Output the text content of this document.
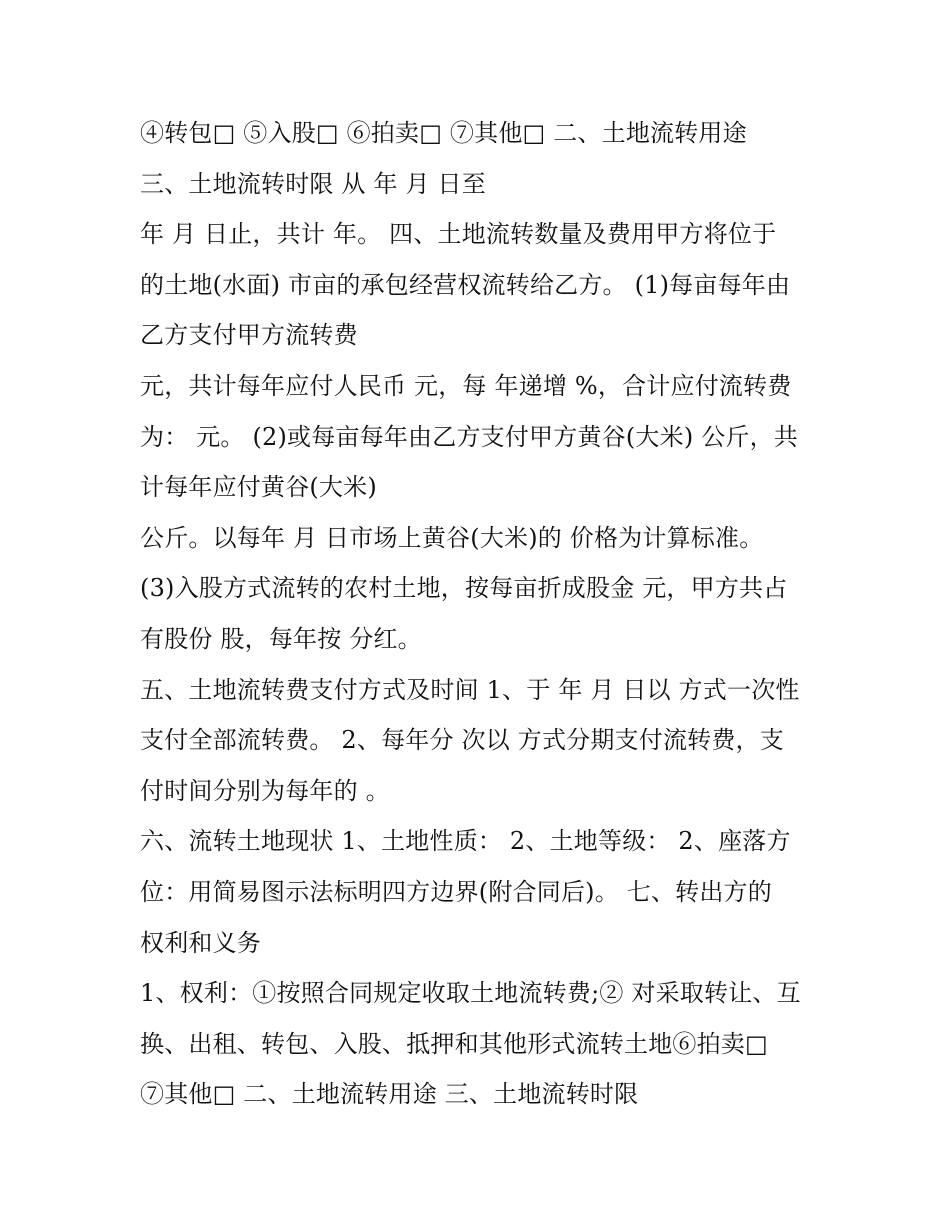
④转包□ ⑤入股□ ⑥拍卖□ ⑦其他□ 二、土地流转用途
三、土地流转时限 从 年 月 日至
年 月 日止，共计 年。 四、土地流转数量及费用甲方将位于
的土地(水面) 市亩的承包经营权流转给乙方。 (1)每亩每年由
乙方支付甲方流转费
元，共计每年应付人民币 元，每 年递增 %，合计应付流转费
为： 元。 (2)或每亩每年由乙方支付甲方黄谷(大米) 公斤，共
计每年应付黄谷(大米)
公斤。以每年 月 日市场上黄谷(大米)的 价格为计算标准。
(3)入股方式流转的农村土地，按每亩折成股金 元，甲方共占
有股份 股，每年按 分红。
五、土地流转费支付方式及时间 1、于 年 月 日以 方式一次性
支付全部流转费。 2、每年分 次以 方式分期支付流转费，支
付时间分别为每年的 。
六、流转土地现状 1、土地性质： 2、土地等级： 2、座落方
位：用简易图示法标明四方边界(附合同后)。 七、转出方的
权利和义务
1、权利：①按照合同规定收取土地流转费;② 对采取转让、互
换、出租、转包、入股、抵押和其他形式流转土地⑥拍卖□
⑦其他□ 二、土地流转用途 三、土地流转时限
